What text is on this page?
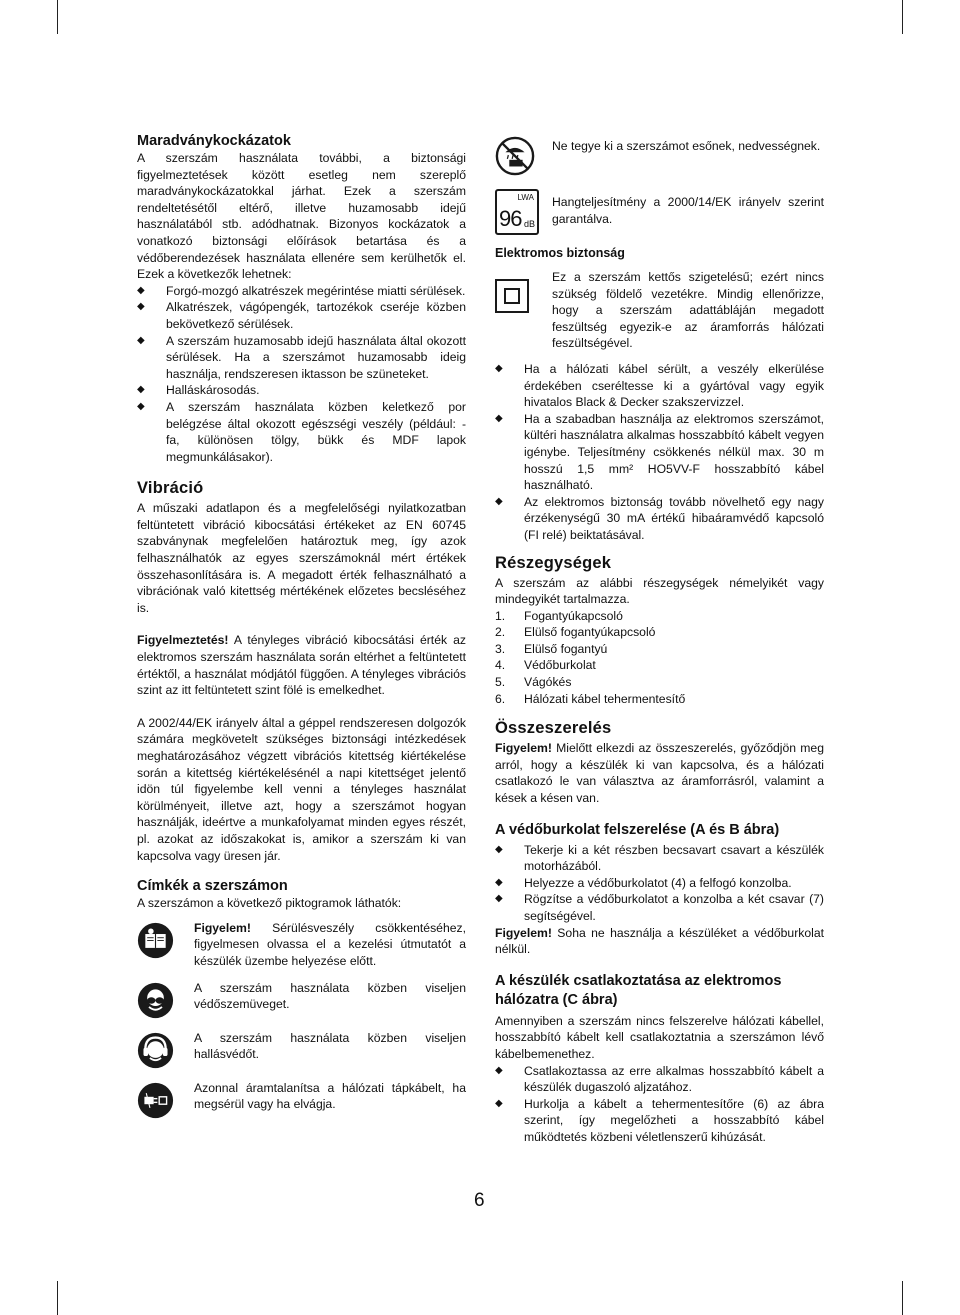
Maradványkockázatok

A szerszám használata további, a biztonsági figyelmeztetések között esetleg nem szereplő maradványkockázatokkal járhat. Ezek a szerszám rendeltetésétől eltérő, illetve huzamosabb idejű használatából stb. adódhatnak. Bizonyos kockázatok a vonatkozó biztonsági előírások betartása és a védőberendezések használata ellenére sem kerülhetők el. Ezek a következők lehetnek:

◆ Forgó-mozgó alkatrészek megérintése miatti sérülések.
◆ Alkatrészek, vágópengék, tartozékok cseréje közben bekövetkező sérülések.
◆ A szerszám huzamosabb idejű használata által okozott sérülések. Ha a szerszámot huzamosabb ideig használja, rendszeresen iktasson be szüneteket.
◆ Halláskárosodás.
◆ A szerszám használata közben keletkező por belégzése által okozott egészségi veszély (például: - fa, különösen tölgy, bükk és MDF lapok megmunkálásakor).
Vibráció

A műszaki adatlapon és a megfelelőségi nyilatkozatban feltüntetett vibráció kibocsátási értékeket az EN 60745 szabványnak megfelelően határoztuk meg, így azok felhasználhatók az egyes szerszámoknál mért értékek összehasonlítására is. A megadott érték felhasználható a vibrációnak való kitettség mértékének előzetes becsléséhez is.

Figyelmeztetés! A tényleges vibráció kibocsátási érték az elektromos szerszám használata során eltérhet a feltüntetett értéktől, a használat módjától függően. A tényleges vibrációs szint az itt feltüntetett szint fölé is emelkedhet.

A 2002/44/EK irányelv által a géppel rendszeresen dolgozók számára megkövetelt szükséges biztonsági intézkedések meghatározásához végzett vibrációs kitettség kiértékelése során a kitettség kiértékelésénél a napi kitettséget jelentő idön túl figyelembe kell venni a tényleges használat körülményeit, illetve azt, hogy a szerszámot hogyan használják, ideértve a munkafolyamat minden egyes részét, pl. azokat az időszakokat is, amikor a szerszám ki van kapcsolva vagy üresen jár.

Címkék a szerszámon

A szerszámon a következő piktogramok láthatók:

Figyelem! Sérülésveszély csökkentéséhez, figyelmesen olvassa el a kezelési útmutatót a készülék üzembe helyezése előtt.

A szerszám használata közben viseljen védőszemüveget.

A szerszám használata közben viseljen hallásvédőt.

Azonnal áramtalanítsa a hálózati tápkábelt, ha megsérül vagy ha elvágja.

Ne tegye ki a szerszámot esőnek, nedvességnek.

LWA
96 dB

Hangteljesítmény a 2000/14/EK irányelv szerint garantálva.

Elektromos biztonság

Ez a szerszám kettős szigetelésű; ezért nincs szükség földelő vezetékre. Mindig ellenőrizze, hogy a szerszám adattábláján megadott feszültség egyezik-e az áramforrás hálózati feszültségével.

◆ Ha a hálózati kábel sérült, a veszély elkerülése érdekében cseréltesse ki a gyártóval vagy egyik hivatalos Black & Decker szakszervizzel.
◆ Ha a szabadban használja az elektromos szerszámot, kültéri használatra alkalmas hosszabbító kábelt vegyen igénybe. Teljesítmény csökkenés nélkül max. 30 m hosszú 1,5 mm² HO5VV-F hosszabbító kábel használható.
◆ Az elektromos biztonság tovább növelhető egy nagy érzékenységű 30 mA értékű hibaáramvédő kapcsoló (FI relé) beiktatásával.
Részegységek

A szerszám az alábbi részegységek némelyikét vagy mindegyikét tartalmazza.

1. Fogantyúkapcsoló
2. Elülső fogantyúkapcsoló
3. Elülső fogantyú
4. Védőburkolat
5. Vágókés
6. Hálózati kábel tehermentesítő
Összeszerelés

Figyelem! Mielőtt elkezdi az összeszerelés, győződjön meg arról, hogy a készülék ki van kapcsolva, és a hálózati csatlakozó le van választva az áramforrásról, valamint a kések a késen van.

A védőburkolat felszerelése (A és B ábra)
◆ Tekerje ki a két részben becsavart csavart a készülék motorházából.
◆ Helyezze a védőburkolatot (4) a felfogó konzolba.
◆ Rögzítse a védőburkolatot a konzolba a két csavar (7) segítségével.

Figyelem! Soha ne használja a készüléket a védőburkolat nélkül.

A készülék csatlakoztatása az elektromos hálózatra (C ábra)

Amennyiben a szerszám nincs felszerelve hálózati kábellel, hosszabbító kábelt kell csatlakoztatnia a szerszámon lévő kábelbemenethez.

◆ Csatlakoztassa az erre alkalmas hosszabbító kábelt a készülék dugaszoló aljzatához.
◆ Hurkolja a kábelt a tehermentesítőre (6) az ábra szerint, így megelőzheti a hosszabbító kábel működtetés közbeni véletlenszerű kihúzását.
6
